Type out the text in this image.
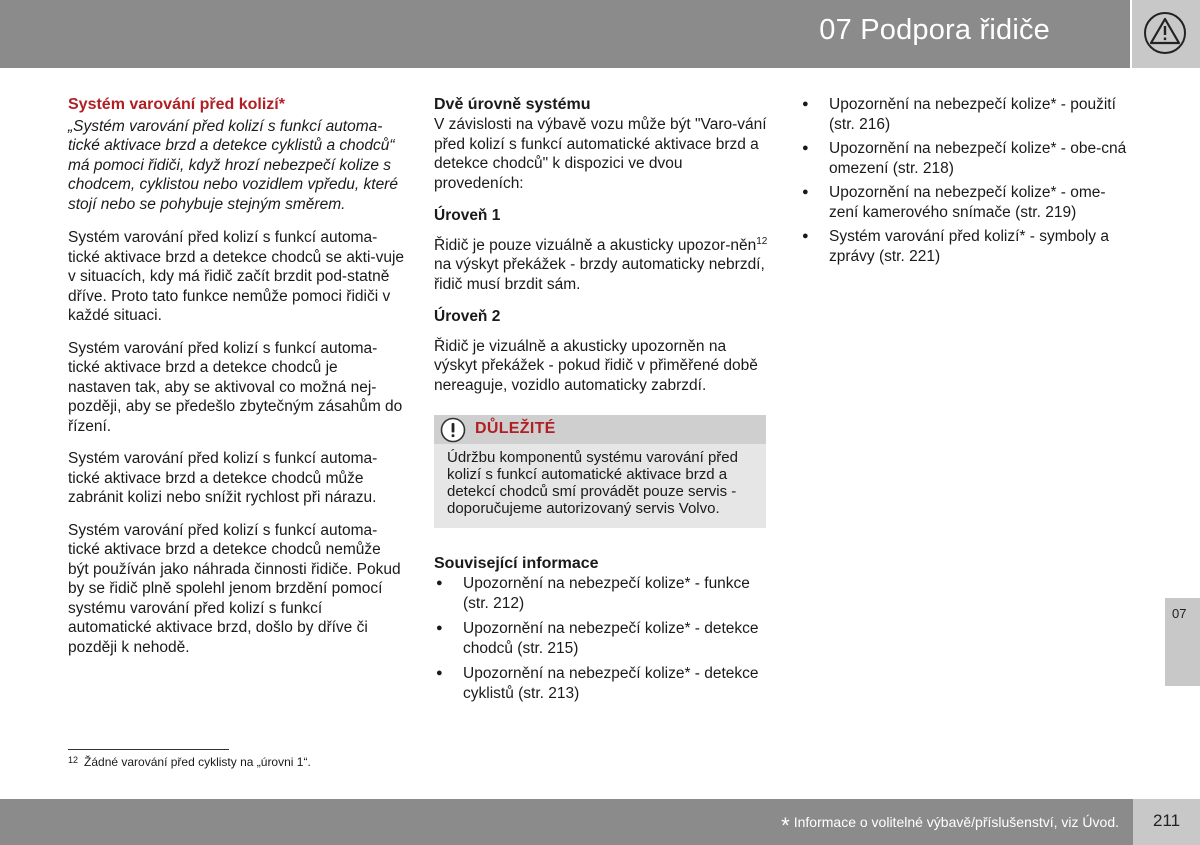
07 Podpora řidiče
Systém varování před kolizí*

„Systém varování před kolizí s funkcí automa-tické aktivace brzd a detekce cyklistů a chodců“ má pomoci řidiči, když hrozí nebezpečí kolize s chodcem, cyklistou nebo vozidlem vpředu, které stojí nebo se pohybuje stejným směrem.

Systém varování před kolizí s funkcí automa-tické aktivace brzd a detekce chodců se akti-vuje v situacích, kdy má řidič začít brzdit pod-statně dříve. Proto tato funkce nemůže pomoci řidiči v každé situaci.

Systém varování před kolizí s funkcí automa-tické aktivace brzd a detekce chodců je nastaven tak, aby se aktivoval co možná nej-později, aby se předešlo zbytečným zásahům do řízení.

Systém varování před kolizí s funkcí automa-tické aktivace brzd a detekce chodců může zabránit kolizi nebo snížit rychlost při nárazu.

Systém varování před kolizí s funkcí automa-tické aktivace brzd a detekce chodců nemůže být používán jako náhrada činnosti řidiče. Pokud by se řidič plně spolehl jenom brzdění pomocí systému varování před kolizí s funkcí automatické aktivace brzd, došlo by dříve či později k nehodě.

Dvě úrovně systému

V závislosti na výbavě vozu může být "Varo-vání před kolizí s funkcí automatické aktivace brzd a detekce chodců" k dispozici ve dvou provedeních:

Úroveň 1

Řidič je pouze vizuálně a akusticky upozor-něn$^{12}$ na výskyt překážek - brzdy automaticky nebrzdí, řidič musí brzdit sám.

Úroveň 2

Řidič je vizuálně a akusticky upozorněn na výskyt překážek - pokud řidič v přiměřené době nereaguje, vozidlo automaticky zabrzdí.

DŮLEŽITÉ
Údržbu komponentů systému varování před kolizí s funkcí automatické aktivace brzd a detekcí chodců smí provádět pouze servis - doporučujeme autorizovaný servis Volvo.
Související informace
● Upozornění na nebezpečí kolize* - funkce (str. 212)
● Upozornění na nebezpečí kolize* - detekce chodců (str. 215)
● Upozornění na nebezpečí kolize* - detekce cyklistů (str. 213)
● Upozornění na nebezpečí kolize* - použití (str. 216)
● Upozornění na nebezpečí kolize* - obe-cná omezení (str. 218)
● Upozornění na nebezpečí kolize* - ome-zení kamerového snímače (str. 219)
● Systém varování před kolizí* - symboly a zprávy (str. 221)
$^{12}$ Žádné varování před cyklisty na „úrovni 1“.
07
* Informace o volitelné výbavě/příslušenství, viz Úvod.	211
